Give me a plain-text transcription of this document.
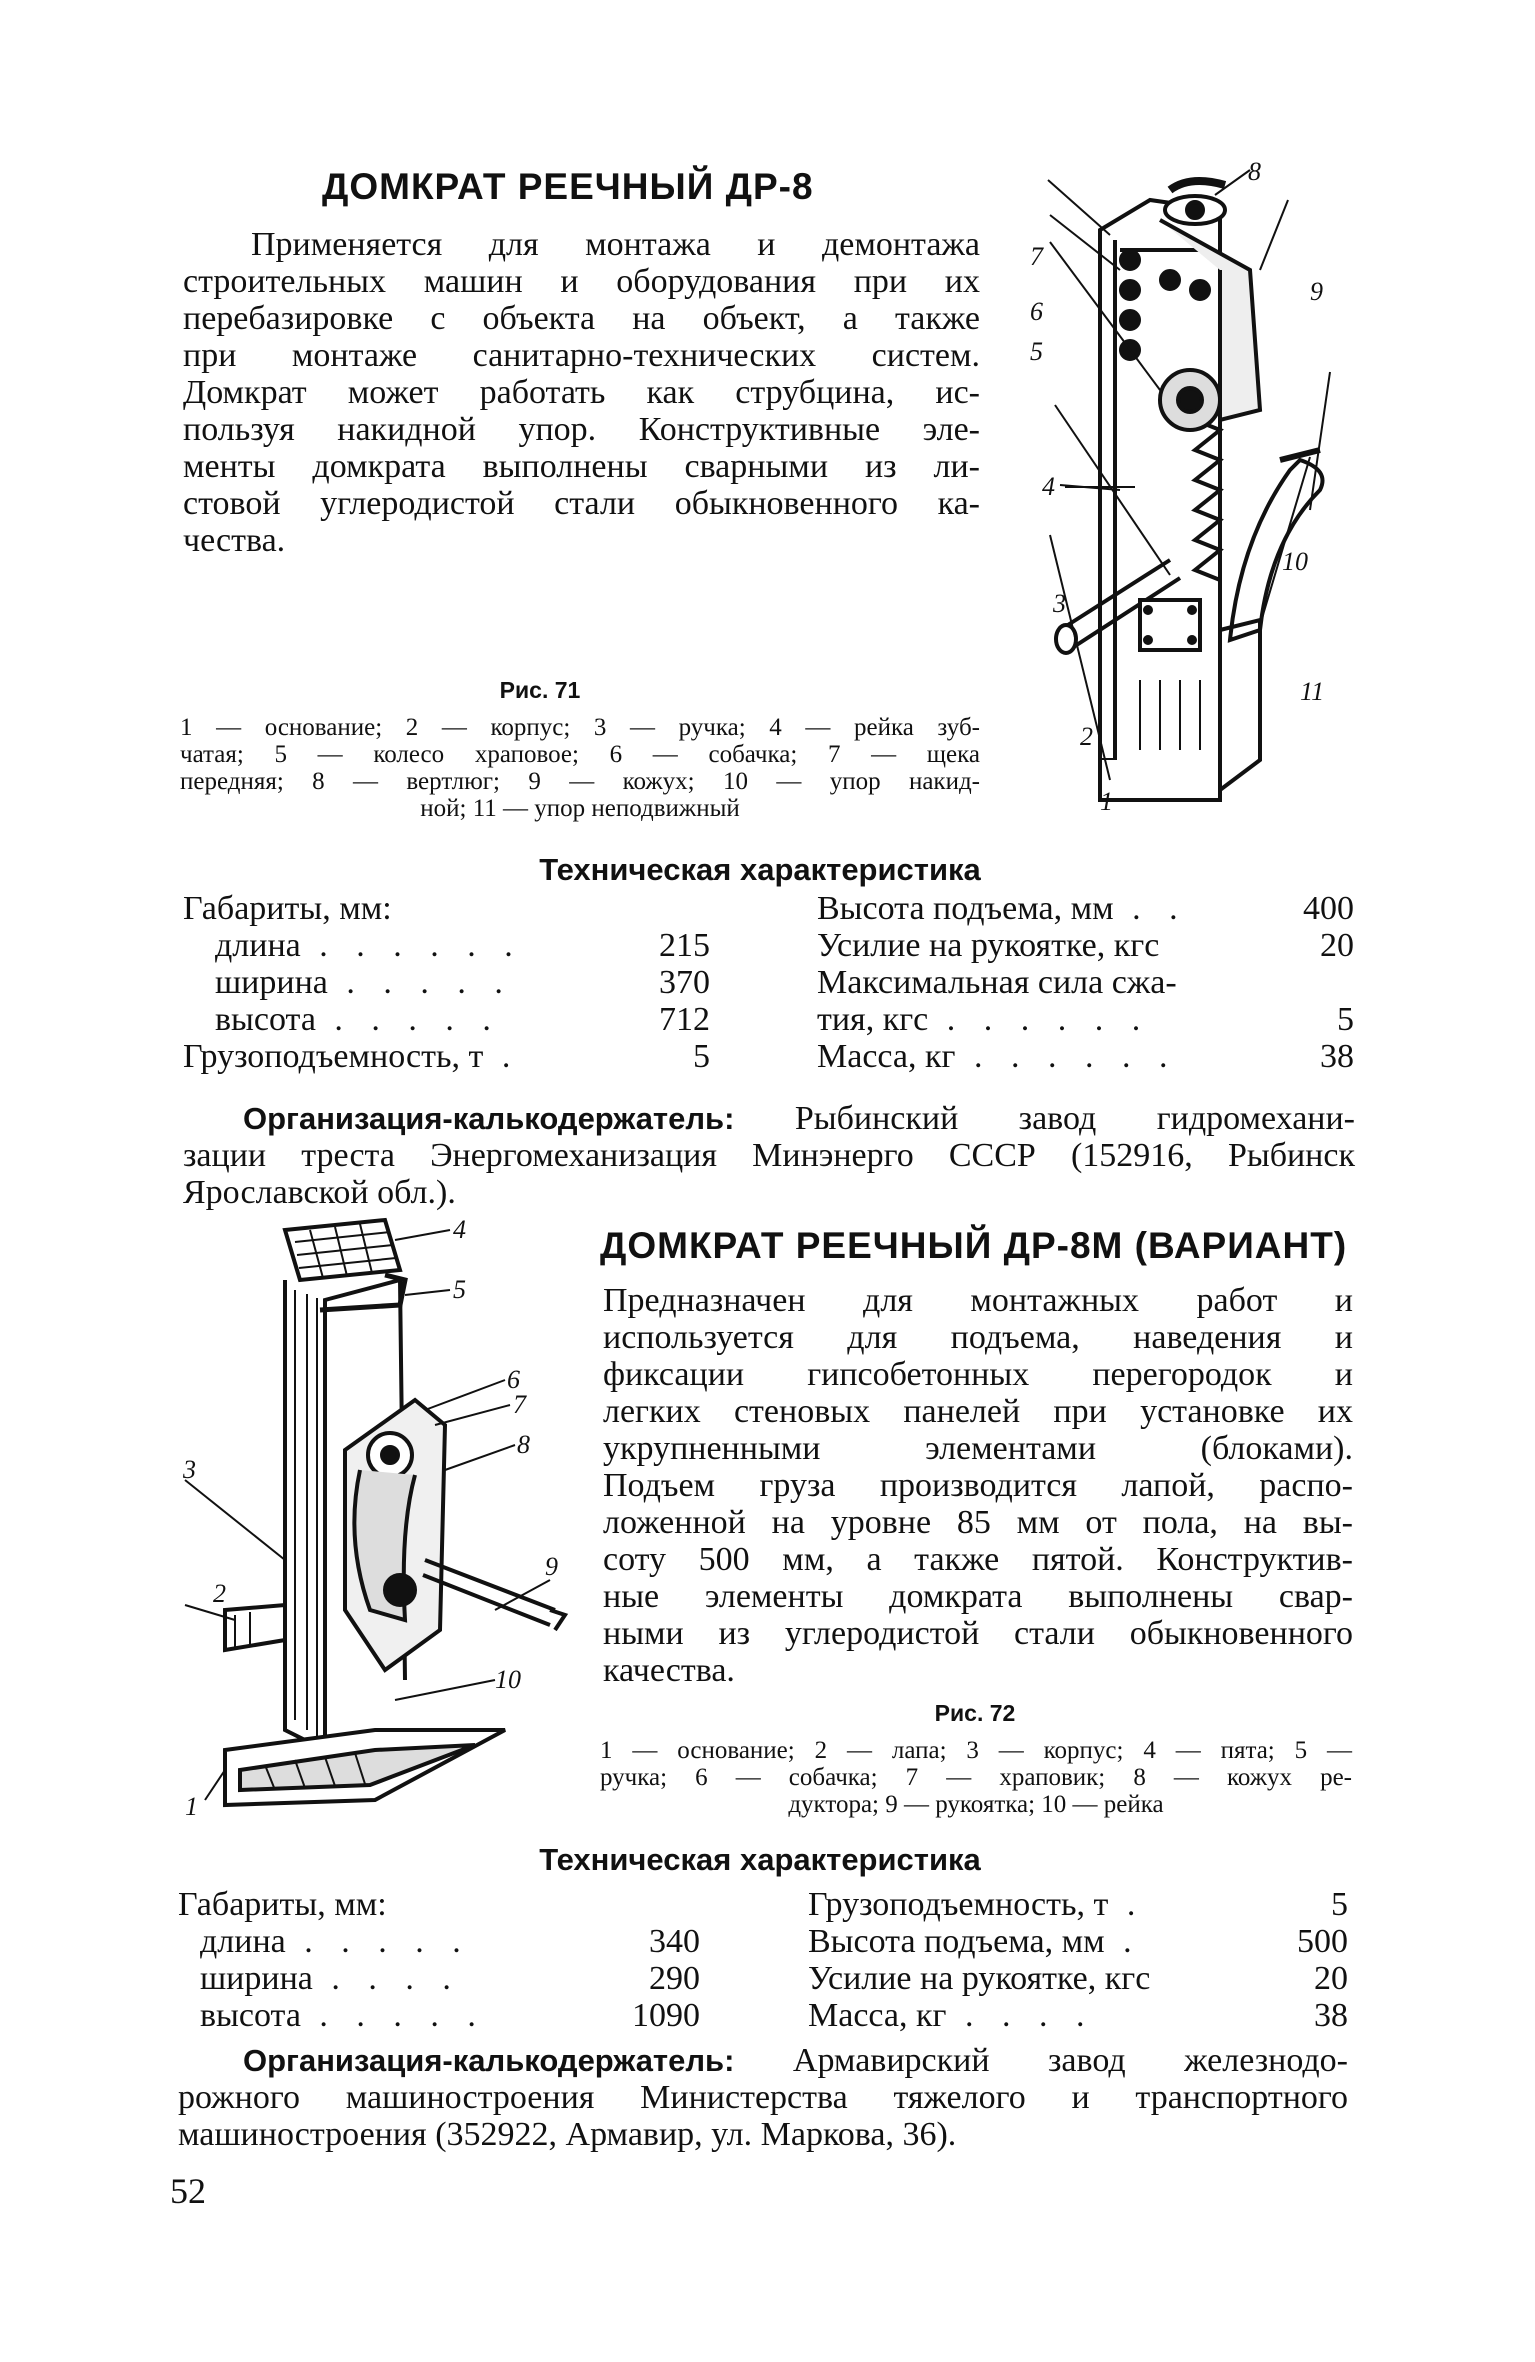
ДОМКРАТ РЕЕЧНЫЙ ДР-8
Применяется для монтажа и демонтажа
строительных машин и оборудования при их
перебазировке с объекта на объект, а также
при монтаже санитарно-технических систем.
Домкрат может работать как струбцина, ис-
пользуя накидной упор. Конструктивные эле-
менты домкрата выполнены сварными из ли-
стовой углеродистой стали обыкновенного ка-
чества.
Рис. 71
1 — основание; 2 — корпус; 3 — ручка; 4 — рейка зуб-
чатая; 5 — колесо храповое; 6 — собачка; 7 — щека
передняя; 8 — вертлюг; 9 — кожух; 10 — упор накид-
ной; 11 — упор неподвижный
8
7
9
6
5
4
10
3
11
2
1
Техническая характеристика
Габариты, мм:
длина . . . . . .	215
ширина . . . . .	370
высота . . . . .	712
Грузоподъемность, т .	5
Высота подъема, мм . .	400
Усилие на рукоятке, кгс	20
Максимальная сила сжа-
тия, кгс . . . . . .	5
Масса, кг . . . . . .	38
Организация-калькодержатель: Рыбинский завод гидромехани-
зации треста Энергомеханизация Минэнерго СССР (152916, Рыбинск
Ярославской обл.).
ДОМКРАТ РЕЕЧНЫЙ ДР-8М (ВАРИАНТ)
Предназначен для монтажных работ и
используется для подъема, наведения и
фиксации гипсобетонных перегородок и
легких стеновых панелей при установке их
укрупненными элементами (блоками).
Подъем груза производится лапой, распо-
ложенной на уровне 85 мм от пола, на вы-
соту 500 мм, а также пятой. Конструктив-
ные элементы домкрата выполнены свар-
ными из углеродистой стали обыкновенного
качества.
4
5
6
7
3
8
9
2
10
1
Рис. 72
1 — основание; 2 — лапа; 3 — корпус; 4 — пята; 5 —
ручка; 6 — собачка; 7 — храповик; 8 — кожух ре-
дуктора; 9 — рукоятка; 10 — рейка
Техническая характеристика
Габариты, мм:
длина . . . . .	340
ширина . . . .	290
высота . . . . .	1090
Грузоподъемность, т .	5
Высота подъема, мм .	500
Усилие на рукоятке, кгс	20
Масса, кг . . . .	38
Организация-калькодержатель: Армавирский завод железнодо-
рожного машиностроения Министерства тяжелого и транспортного
машиностроения (352922, Армавир, ул. Маркова, 36).
52
